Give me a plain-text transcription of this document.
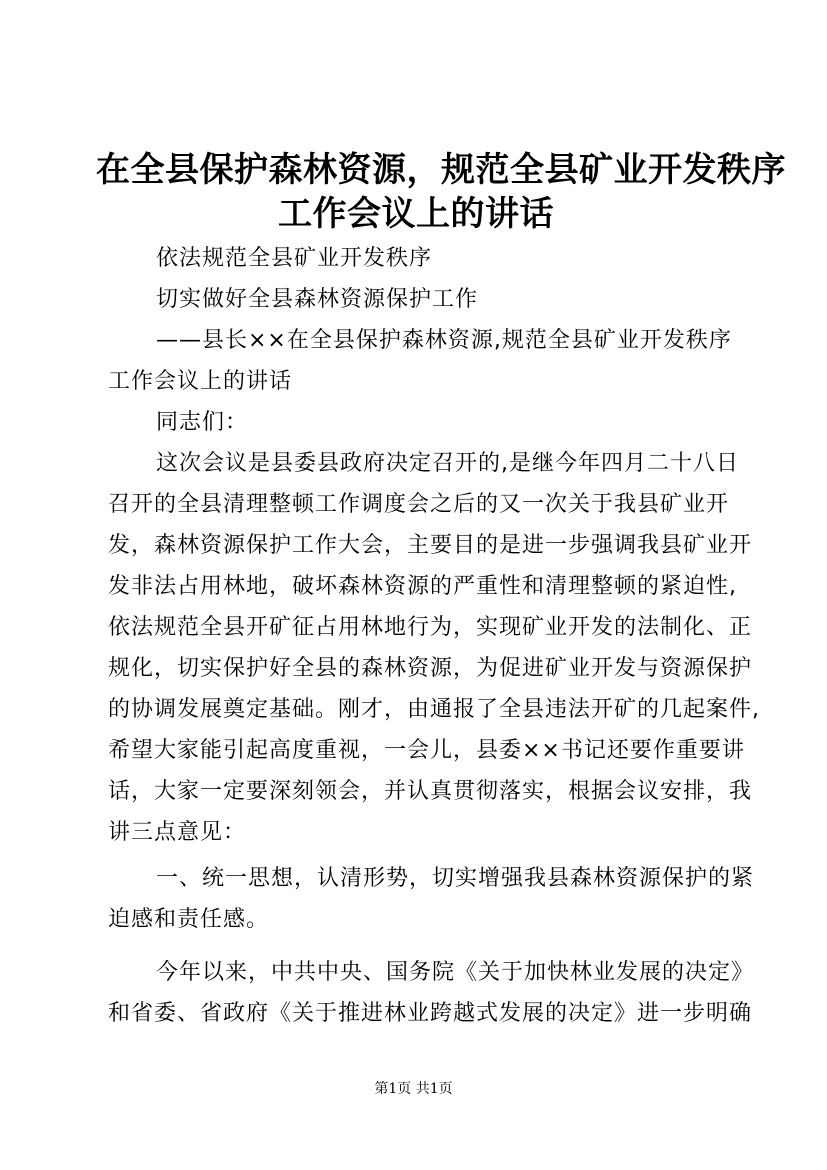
在全县保护森林资源，规范全县矿业开发秩序
工作会议上的讲话
依法规范全县矿业开发秩序
切实做好全县森林资源保护工作
——县长××在全县保护森林资源,规范全县矿业开发秩序
工作会议上的讲话
同志们：
这次会议是县委县政府决定召开的,是继今年四月二十八日
召开的全县清理整顿工作调度会之后的又一次关于我县矿业开
发，森林资源保护工作大会，主要目的是进一步强调我县矿业开
发非法占用林地，破坏森林资源的严重性和清理整顿的紧迫性,
依法规范全县开矿征占用林地行为，实现矿业开发的法制化、正
规化，切实保护好全县的森林资源，为促进矿业开发与资源保护
的协调发展奠定基础。刚才，由通报了全县违法开矿的几起案件,
希望大家能引起高度重视，一会儿，县委××书记还要作重要讲
话，大家一定要深刻领会，并认真贯彻落实，根据会议安排，我
讲三点意见：
一、统一思想，认清形势，切实增强我县森林资源保护的紧
迫感和责任感。
今年以来，中共中央、国务院《关于加快林业发展的决定》
和省委、省政府《关于推进林业跨越式发展的决定》进一步明确
第1页 共1页
